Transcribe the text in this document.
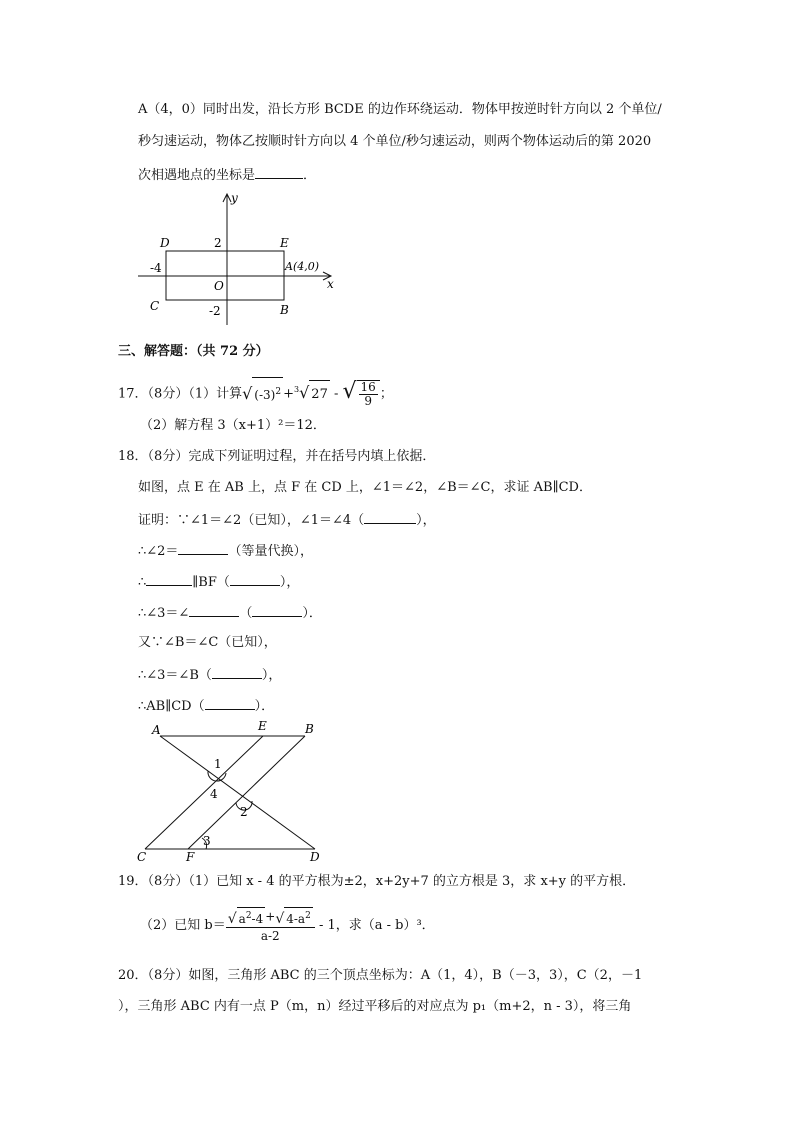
A（4，0）同时出发，沿长方形 BCDE 的边作环绕运动．物体甲按逆时针方向以 2 个单位/
秒匀速运动，物体乙按顺时针方向以 4 个单位/秒匀速运动，则两个物体运动后的第 2020
次相遇地点的坐标是	．
y
x
O
D	E
C	B
A(4,0)
2
-2
-4
三、解答题：（共 72 分）
17．（8分）（1）计算√ $(-3)^2 +^3√$ 27 - √ $\frac{16}{9}$ ；
（2）解方程 3（x+1）²＝12．
18．（8分）完成下列证明过程，并在括号内填上依据．
如图，点 E 在 AB 上，点 F 在 CD 上，∠1＝∠2，∠B＝∠C，求证 AB∥CD．
证明：∵∠1＝∠2（已知），∠1＝∠4（	），
∴∠2＝	（等量代换），
∴	∥BF（	），
∴∠3＝∠	（	）．
又∵∠B＝∠C（已知），
∴∠3＝∠B（	），
∴AB∥CD（	）．
A	E	B
C	F	D
1
4
2
3
19．（8分）（1）已知 x - 4 的平方根为±2，x+2y+7 的立方根是 3，求 x+y 的平方根．
（2）已知 $b= \frac{√ a^2-4 +√ 4-a^2}{a-2} - 1$，求（a - b）³．
20．（8分）如图，三角形 ABC 的三个顶点坐标为：A（1，4），B（－3，3），C（2，－1
），三角形 ABC 内有一点 P（m，n）经过平移后的对应点为 p₁（m+2，n - 3），将三角
